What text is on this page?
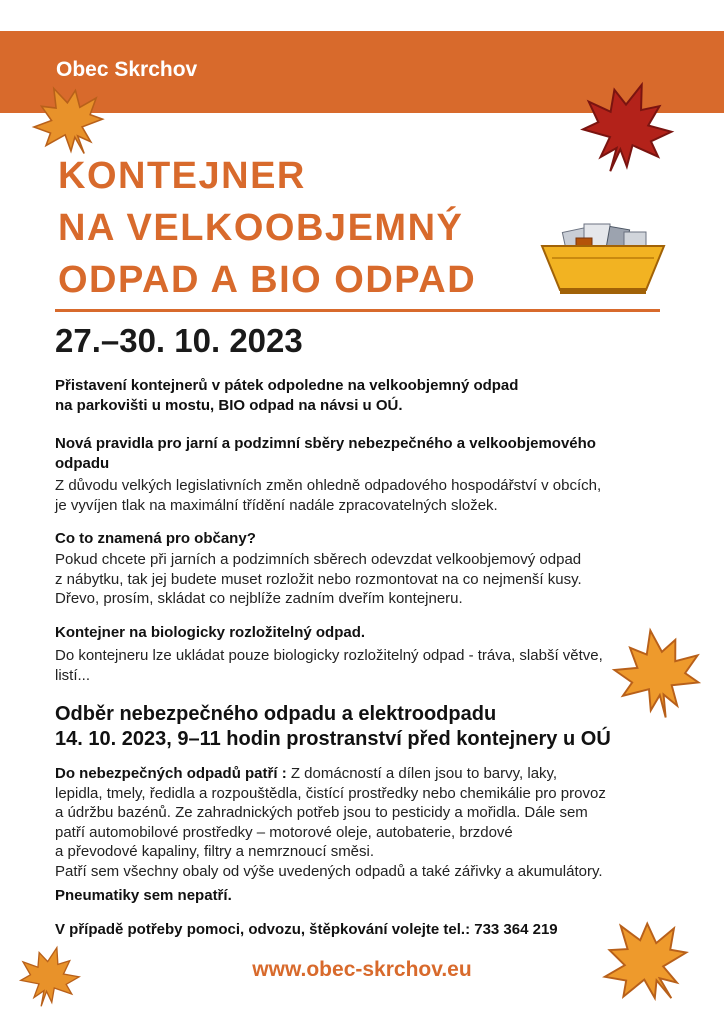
Obec Skrchov
KONTEJNER
NA VELKOOBJEMNÝ
ODPAD A BIO ODPAD
27.–30. 10. 2023

Přistavení kontejnerů v pátek odpoledne na velkoobjemný odpad
na parkovišti u mostu, BIO odpad na návsi u OÚ.

Nová pravidla pro jarní a podzimní sběry nebezpečného a velkoobjemového
odpadu

Z důvodu velkých legislativních změn ohledně odpadového hospodářství v obcích,
je vyvíjen tlak na maximální třídění nadále zpracovatelných složek.

Co to znamená pro občany?

Pokud chcete při jarních a podzimních sběrech odevzdat velkoobjemový odpad
z nábytku, tak jej budete muset rozložit nebo rozmontovat na co nejmenší kusy.
Dřevo, prosím, skládat co nejblíže zadním dveřím kontejneru.

Kontejner na biologicky rozložitelný odpad.

Do kontejneru lze ukládat pouze biologicky rozložitelný odpad - tráva, slabší větve,
listí...

Odběr nebezpečného odpadu a elektroodpadu
14. 10. 2023, 9–11 hodin prostranství před kontejnery u OÚ

Do nebezpečných odpadů patří : Z domácností a dílen jsou to barvy, laky,
lepidla, tmely, ředidla a rozpouštědla, čistící prostředky nebo chemikálie pro provoz
a údržbu bazénů. Ze zahradnických potřeb jsou to pesticidy a mořidla. Dále sem
patří automobilové prostředky – motorové oleje, autobaterie, brzdové
a převodové kapaliny, filtry a nemrznoucí směsi.
Patří sem všechny obaly od výše uvedených odpadů a také zářivky a akumulátory.

Pneumatiky sem nepatří.

V případě potřeby pomoci, odvozu, štěpkování volejte tel.: 733 364 219

www.obec-skrchov.eu
